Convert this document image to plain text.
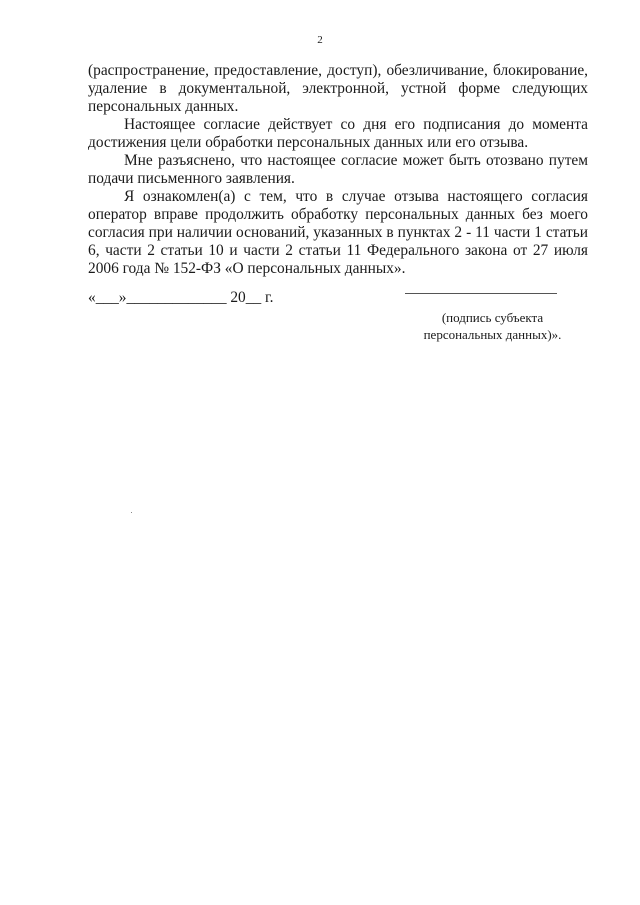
2

(распространение, предоставление, доступ), обезличивание, блокирование, удаление в документальной, электронной, устной форме следующих персональных данных.

Настоящее согласие действует со дня его подписания до момента достижения цели обработки персональных данных или его отзыва.

Мне разъяснено, что настоящее согласие может быть отозвано путем подачи письменного заявления.

Я ознакомлен(а) с тем, что в случае отзыва настоящего согласия оператор вправе продолжить обработку персональных данных без моего согласия при наличии оснований, указанных в пунктах 2 - 11 части 1 статьи 6, части 2 статьи 10 и части 2 статьи 11 Федерального закона от 27 июля 2006 года № 152-ФЗ «О персональных данных».

«___»_____________ 20__ г.
(подпись субъекта персональных данных)».
